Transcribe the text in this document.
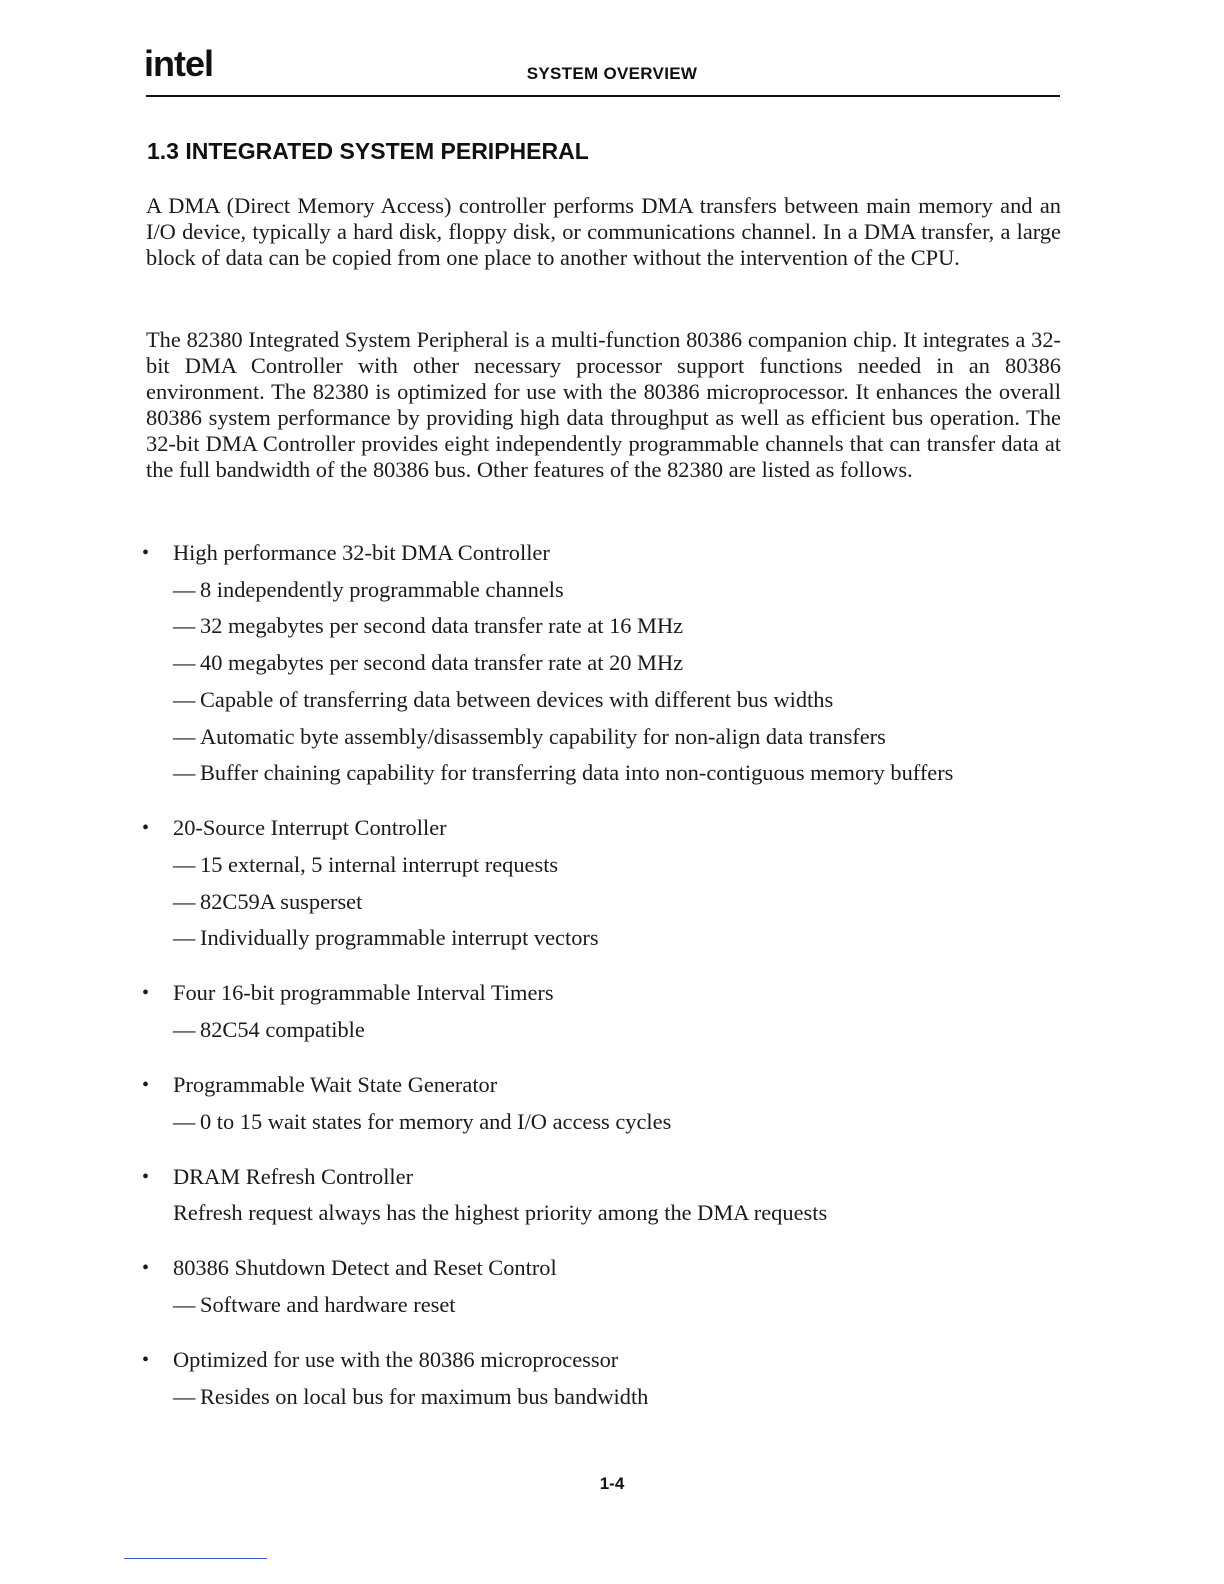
intel	SYSTEM OVERVIEW
1.3 INTEGRATED SYSTEM PERIPHERAL

A DMA (Direct Memory Access) controller performs DMA transfers between main memory and an I/O device, typically a hard disk, floppy disk, or communications channel. In a DMA transfer, a large block of data can be copied from one place to another without the intervention of the CPU.

The 82380 Integrated System Peripheral is a multi-function 80386 companion chip. It integrates a 32-bit DMA Controller with other necessary processor support functions needed in an 80386 environment. The 82380 is optimized for use with the 80386 microprocessor. It enhances the overall 80386 system performance by providing high data throughput as well as efficient bus operation. The 32-bit DMA Controller provides eight independently programmable channels that can transfer data at the full bandwidth of the 80386 bus. Other features of the 82380 are listed as follows.

• High performance 32-bit DMA Controller
— 8 independently programmable channels
— 32 megabytes per second data transfer rate at 16 MHz
— 40 megabytes per second data transfer rate at 20 MHz
— Capable of transferring data between devices with different bus widths
— Automatic byte assembly/disassembly capability for non-align data transfers
— Buffer chaining capability for transferring data into non-contiguous memory buffers
• 20-Source Interrupt Controller
— 15 external, 5 internal interrupt requests
— 82C59A susperset
— Individually programmable interrupt vectors
• Four 16-bit programmable Interval Timers
— 82C54 compatible
• Programmable Wait State Generator
— 0 to 15 wait states for memory and I/O access cycles
• DRAM Refresh Controller
Refresh request always has the highest priority among the DMA requests
• 80386 Shutdown Detect and Reset Control
— Software and hardware reset
• Optimized for use with the 80386 microprocessor
— Resides on local bus for maximum bus bandwidth
1-4
